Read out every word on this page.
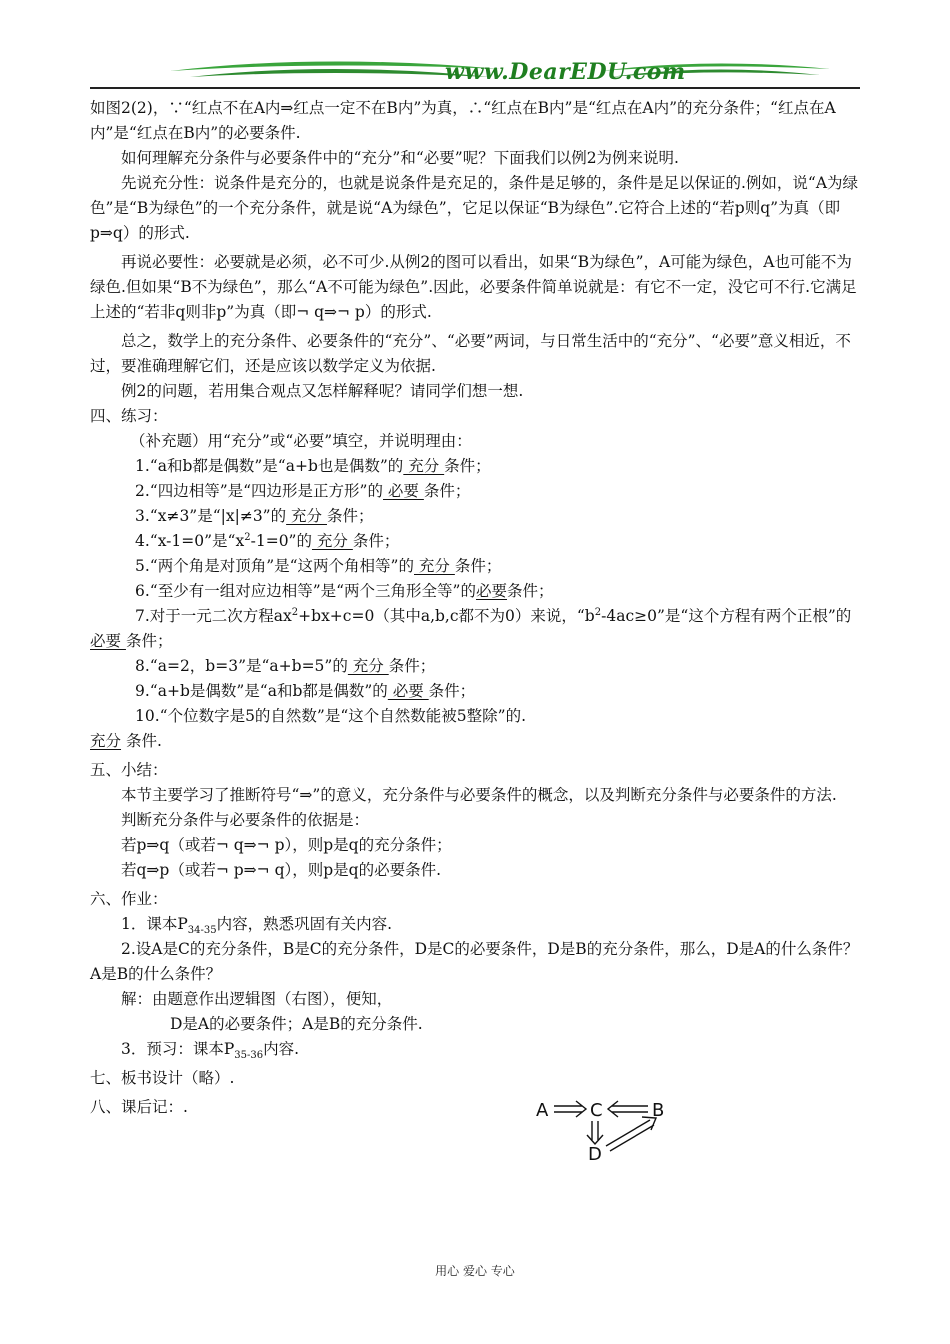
www.DearEDU.com

如图2(2)，∵“红点不在A内⇒红点一定不在B内”为真，∴“红点在B内”是“红点在A内”的充分条件；“红点在A内”是“红点在B内”的必要条件.

如何理解充分条件与必要条件中的“充分”和“必要”呢？下面我们以例2为例来说明.

先说充分性：说条件是充分的，也就是说条件是充足的，条件是足够的，条件是足以保证的.例如，说“A为绿色”是“B为绿色”的一个充分条件，就是说“A为绿色”，它足以保证“B为绿色”.它符合上述的“若p则q”为真（即p⇒q）的形式.

再说必要性：必要就是必须，必不可少.从例2的图可以看出，如果“B为绿色”，A可能为绿色，A也可能不为绿色.但如果“B不为绿色”，那么“A不可能为绿色”.因此，必要条件简单说就是：有它不一定，没它可不行.它满足上述的“若非q则非p”为真（即¬ q⇒¬ p）的形式.

总之，数学上的充分条件、必要条件的“充分”、“必要”两词，与日常生活中的“充分”、“必要”意义相近，不过，要准确理解它们，还是应该以数学定义为依据.

例2的问题，若用集合观点又怎样解释呢？请同学们想一想.

四、练习：

（补充题）用“充分”或“必要”填空，并说明理由：

1.“a和b都是偶数”是“a+b也是偶数”的 充分 条件；

2.“四边相等”是“四边形是正方形”的 必要 条件；

3.“x≠3”是“|x|≠3”的 充分 条件；

4.“x-1=0”是“$x^2-1=0$”的 充分 条件；

5.“两个角是对顶角”是“这两个角相等”的 充分 条件；

6.“至少有一组对应边相等”是“两个三角形全等”的必要条件；

7.对于一元二次方程$ax^2+bx+c=0$（其中a,b,c都不为0）来说，“$b^2-4ac\ge 0$”是“这个方程有两个正根”的 必要 条件；

8.“a=2，b=3”是“a+b=5”的 充分 条件；

9.“a+b是偶数”是“a和b都是偶数”的 必要 条件；

10.“个位数字是5的自然数”是“这个自然数能被5整除”的.

充分 条件.

五、小结：

本节主要学习了推断符号“⇒”的意义，充分条件与必要条件的概念，以及判断充分条件与必要条件的方法.

判断充分条件与必要条件的依据是：

若p⇒q（或若¬ q⇒¬ p），则p是q的充分条件；

若q⇒p（或若¬ p⇒¬ q），则p是q的必要条件.

六、作业：

1．课本$P_{34-35}$内容，熟悉巩固有关内容.

2.设A是C的充分条件，B是C的充分条件，D是C的必要条件，D是B的充分条件，那么，D是A的什么条件？A是B的什么条件？

解：由题意作出逻辑图（右图），便知，

D是A的必要条件；A是B的充分条件.

3．预习：课本$P_{35-36}$内容.

七、板书设计（略）.

八、课后记：.	A C	B
D
用心 爱心 专心
